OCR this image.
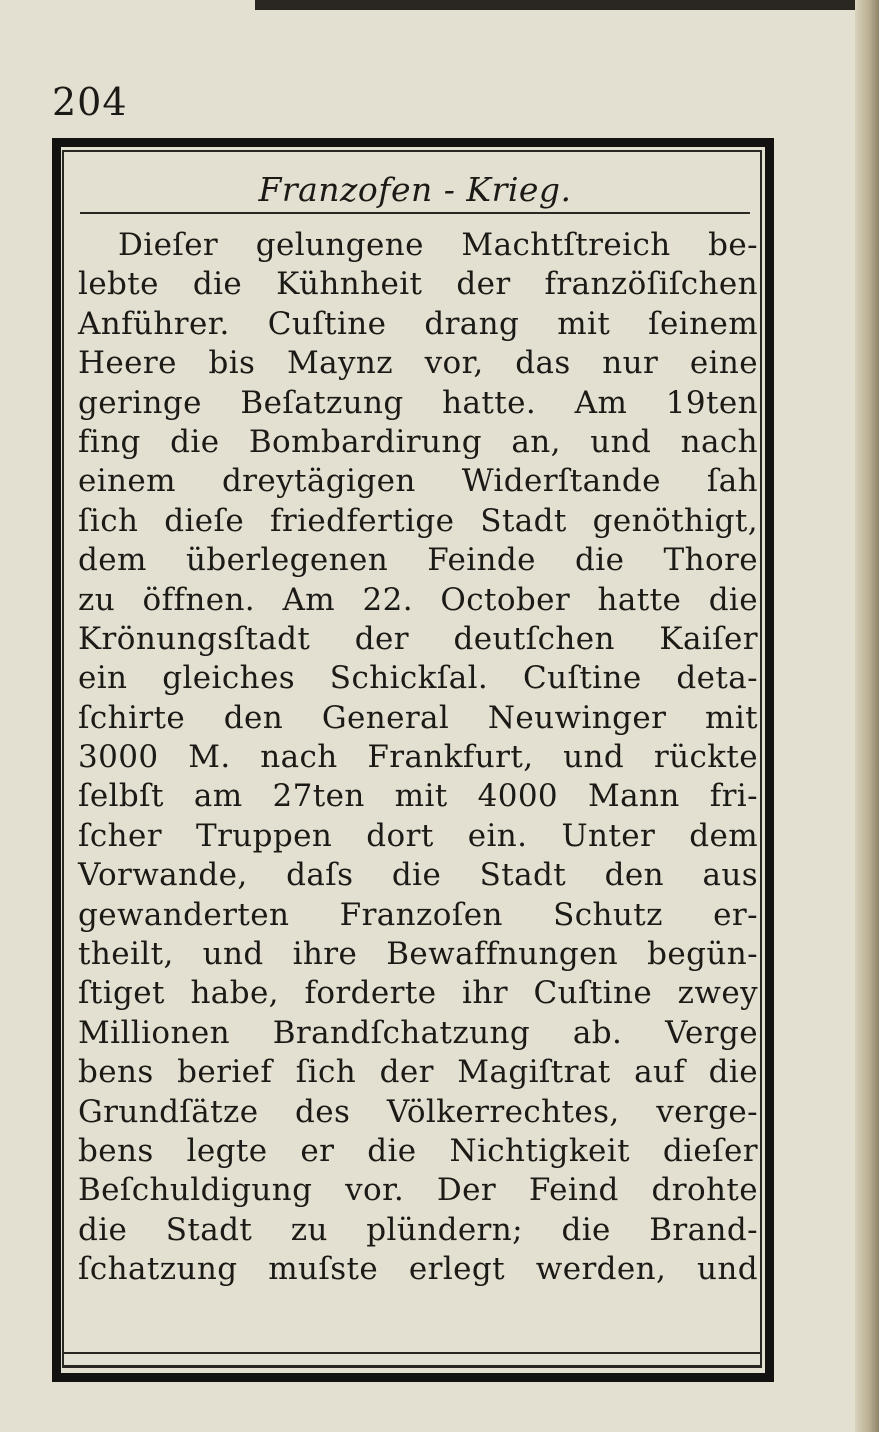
204
Franzofen - Krieg.
Dieſer gelungene Machtſtreich be-
lebte die Kühnheit der franzöſiſchen
Anführer. Cuſtine drang mit ſeinem
Heere bis Maynz vor, das nur eine
geringe Beſatzung hatte. Am 19ten
fing die Bombardirung an, und nach
einem dreytägigen Widerſtande ſah
ſich dieſe friedfertige Stadt genöthigt,
dem überlegenen Feinde die Thore
zu öffnen. Am 22. October hatte die
Krönungsſtadt der deutſchen Kaiſer
ein gleiches Schickſal. Cuſtine deta-
ſchirte den General Neuwinger mit
3000 M. nach Frankfurt, und rückte
ſelbſt am 27ten mit 4000 Mann fri-
ſcher Truppen dort ein. Unter dem
Vorwande, daſs die Stadt den aus
gewanderten Franzoſen Schutz er-
theilt, und ihre Bewaffnungen begün-
ſtiget habe, forderte ihr Cuſtine zwey
Millionen Brandſchatzung ab. Verge
bens berief ſich der Magiſtrat auf die
Grundſätze des Völkerrechtes, verge-
bens legte er die Nichtigkeit dieſer
Beſchuldigung vor. Der Feind drohte
die Stadt zu plündern; die Brand-
ſchatzung muſste erlegt werden, und
